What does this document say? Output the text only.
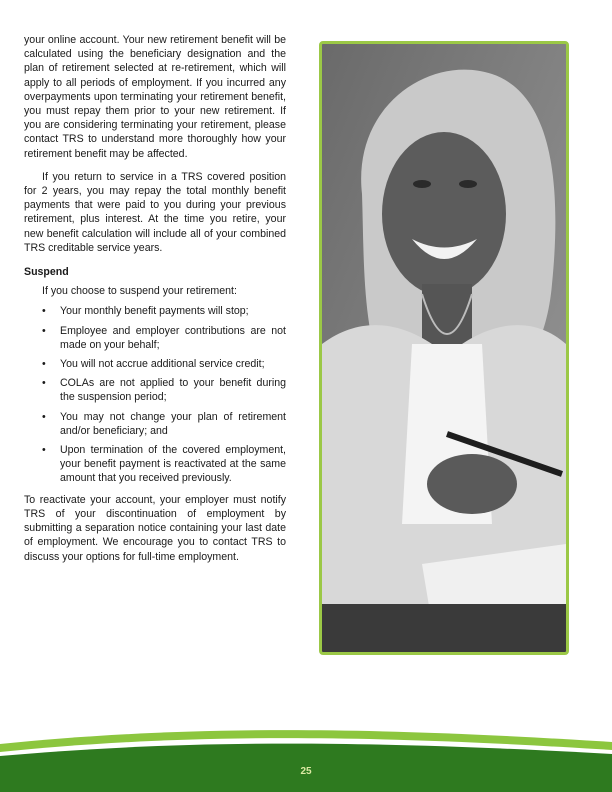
your online account. Your new retirement benefit will be calculated using the beneficiary designation and the plan of retirement selected at re-retirement, which will apply to all periods of employment. If you incurred any overpayments upon terminating your retirement benefit, you must repay them prior to your new retirement. If you are considering terminating your retirement, please contact TRS to understand more thoroughly how your retirement benefit may be affected.

If you return to service in a TRS covered position for 2 years, you may repay the total monthly benefit payments that were paid to you during your previous retirement, plus interest. At the time you retire, your new benefit calculation will include all of your combined TRS creditable service years.

Suspend

If you choose to suspend your retirement:

• Your monthly benefit payments will stop;
• Employee and employer contributions are not made on your behalf;
• You will not accrue additional service credit;
• COLAs are not applied to your benefit during the suspension period;
• You may not change your plan of retirement and/or beneficiary; and
• Upon termination of the covered employment, your benefit payment is reactivated at the same amount that you received previously.

To reactivate your account, your employer must notify TRS of your discontinuation of employment by submitting a separation notice containing your last date of employment. We encourage you to contact TRS to discuss your options for full-time employment.

25
